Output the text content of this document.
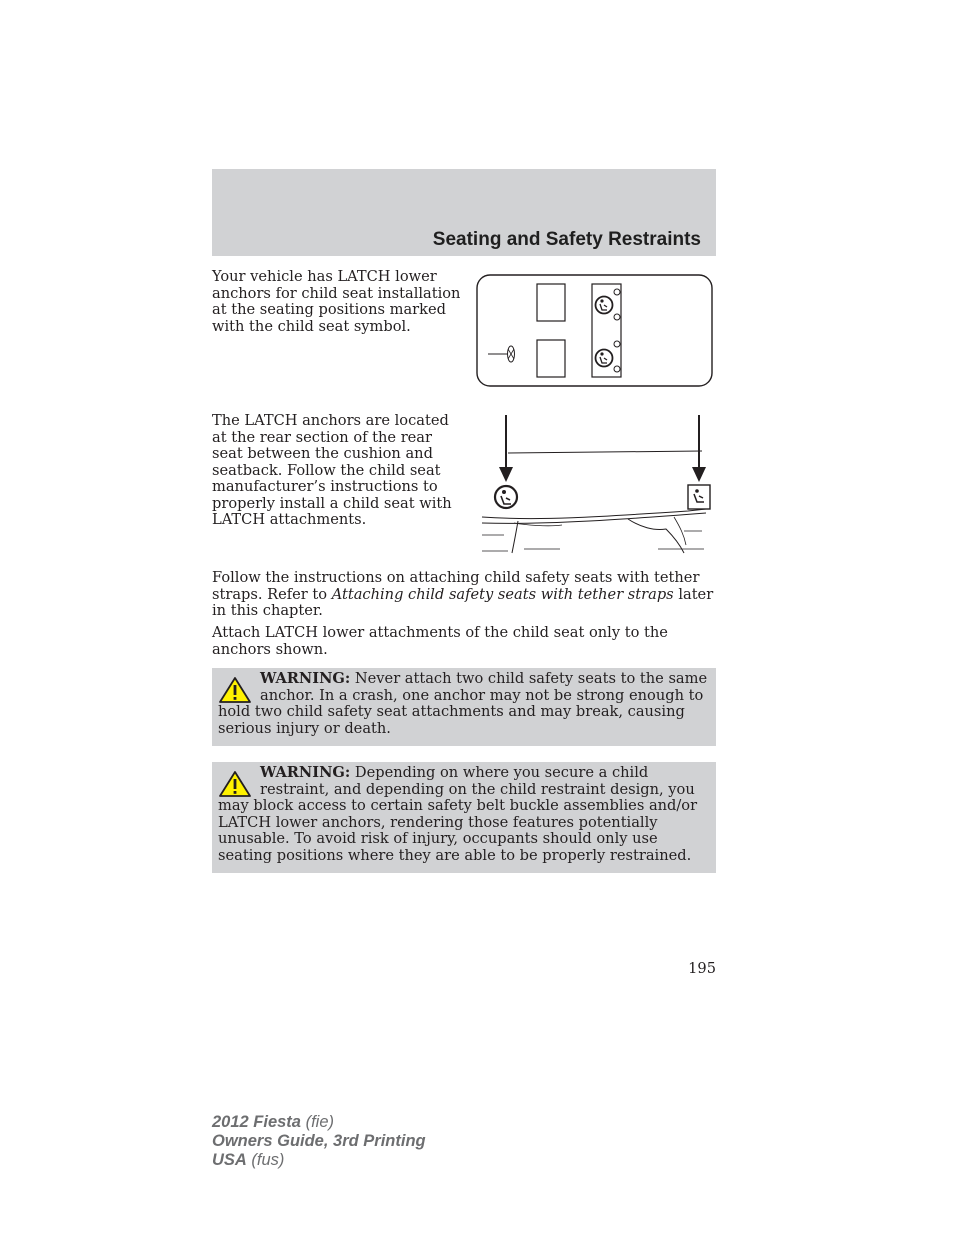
Seating and Safety Restraints

Your vehicle has LATCH lower anchors for child seat installation at the seating positions marked with the child seat symbol.

The LATCH anchors are located at the rear section of the rear seat between the cushion and seatback. Follow the child seat manufacturer’s instructions to properly install a child seat with LATCH attachments.

Follow the instructions on attaching child safety seats with tether straps. Refer to Attaching child safety seats with tether straps later in this chapter.

Attach LATCH lower attachments of the child seat only to the anchors shown.

WARNING: Never attach two child safety seats to the same anchor. In a crash, one anchor may not be strong enough to hold two child safety seat attachments and may break, causing serious injury or death.

WARNING: Depending on where you secure a child restraint, and depending on the child restraint design, you may block access to certain safety belt buckle assemblies and/or LATCH lower anchors, rendering those features potentially unusable. To avoid risk of injury, occupants should only use seating positions where they are able to be properly restrained.

195
2012 Fiesta (fie)
Owners Guide, 3rd Printing
USA (fus)
